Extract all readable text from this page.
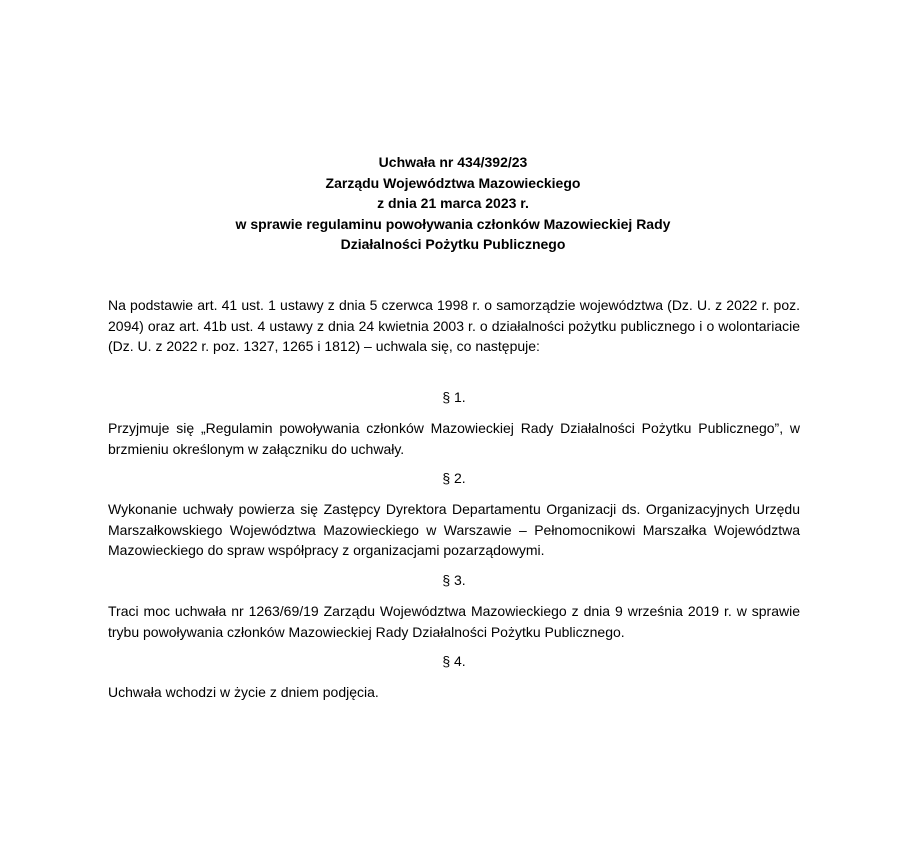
Uchwała nr 434/392/23
Zarządu Województwa Mazowieckiego
z dnia 21 marca 2023 r.
w sprawie regulaminu powoływania członków Mazowieckiej Rady
Działalności Pożytku Publicznego
Na podstawie art. 41 ust. 1 ustawy z dnia 5 czerwca 1998 r. o samorządzie województwa (Dz. U. z 2022 r. poz. 2094) oraz art. 41b ust. 4 ustawy z dnia 24 kwietnia 2003 r. o działalności pożytku publicznego i o wolontariacie (Dz. U. z 2022 r. poz. 1327, 1265 i 1812) – uchwala się, co następuje:
§ 1.
Przyjmuje się „Regulamin powoływania członków Mazowieckiej Rady Działalności Pożytku Publicznego”, w brzmieniu określonym w załączniku do uchwały.
§ 2.
Wykonanie uchwały powierza się Zastępcy Dyrektora Departamentu Organizacji ds. Organizacyjnych Urzędu Marszałkowskiego Województwa Mazowieckiego w Warszawie – Pełnomocnikowi Marszałka Województwa Mazowieckiego do spraw współpracy z organizacjami pozarządowymi.
§ 3.
Traci moc uchwała nr 1263/69/19 Zarządu Województwa Mazowieckiego z dnia 9 września 2019 r. w sprawie trybu powoływania członków Mazowieckiej Rady Działalności Pożytku Publicznego.
§ 4.
Uchwała wchodzi w życie z dniem podjęcia.
